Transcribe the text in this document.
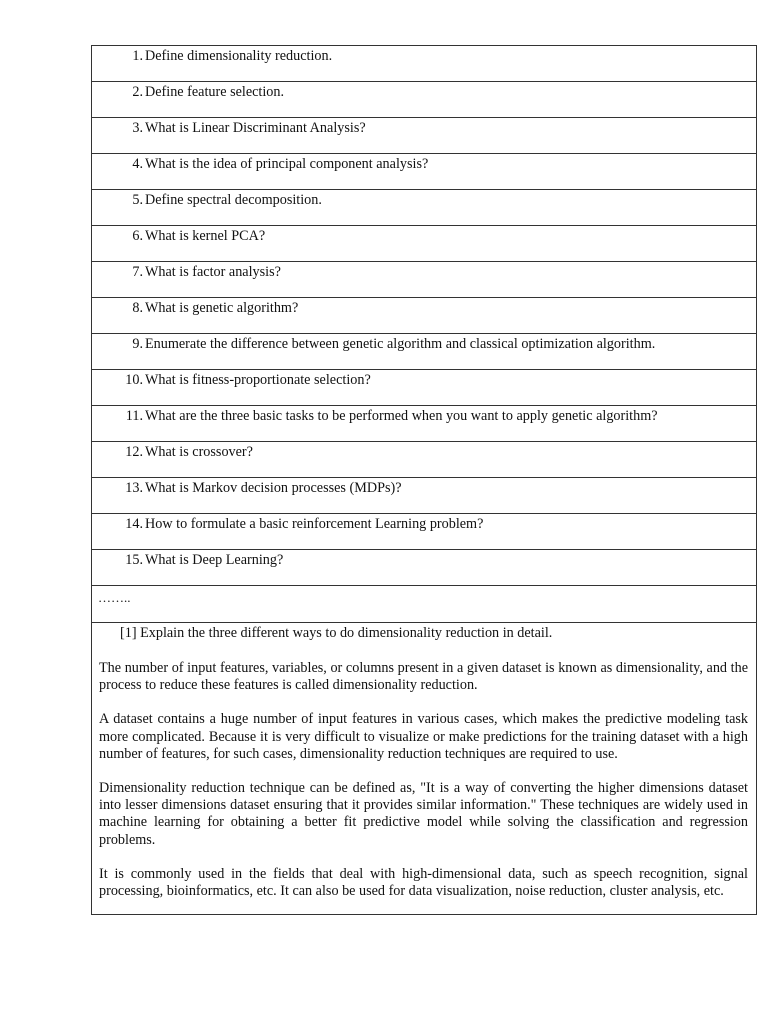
1. Define dimensionality reduction.
2. Define feature selection.
3. What is Linear Discriminant Analysis?
4. What is the idea of principal component analysis?
5. Define spectral decomposition.
6. What is kernel PCA?
7. What is factor analysis?
8. What is genetic algorithm?
9. Enumerate the difference between genetic algorithm and classical optimization algorithm.
10. What is fitness-proportionate selection?
11. What are the three basic tasks to be performed when you want to apply genetic algorithm?
12. What is crossover?
13. What is Markov decision processes (MDPs)?
14. How to formulate a basic reinforcement Learning problem?
15. What is Deep Learning?
……..

[1] Explain the three different ways to do dimensionality reduction in detail.

The number of input features, variables, or columns present in a given dataset is known as dimensionality, and the process to reduce these features is called dimensionality reduction.

A dataset contains a huge number of input features in various cases, which makes the predictive modeling task more complicated. Because it is very difficult to visualize or make predictions for the training dataset with a high number of features, for such cases, dimensionality reduction techniques are required to use.

Dimensionality reduction technique can be defined as, "It is a way of converting the higher dimensions dataset into lesser dimensions dataset ensuring that it provides similar information." These techniques are widely used in machine learning for obtaining a better fit predictive model while solving the classification and regression problems.

It is commonly used in the fields that deal with high-dimensional data, such as speech recognition, signal processing, bioinformatics, etc. It can also be used for data visualization, noise reduction, cluster analysis, etc.
